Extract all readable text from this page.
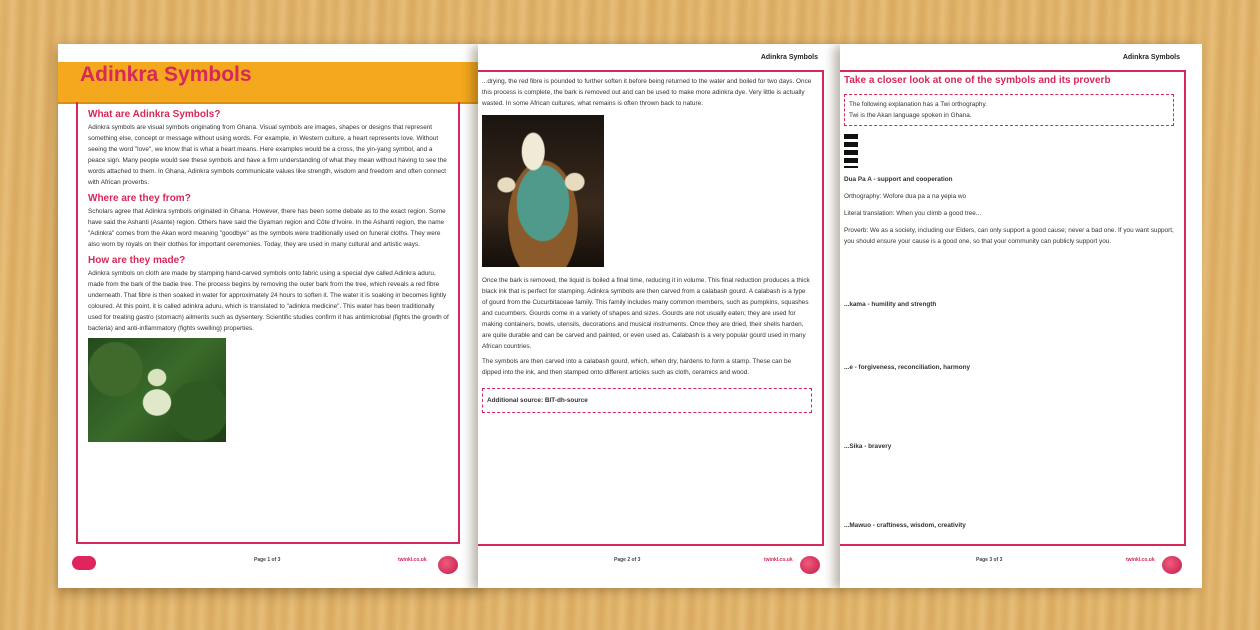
Adinkra Symbols
What are Adinkra Symbols?

Adinkra symbols are visual symbols originating from Ghana. Visual symbols are images, shapes or designs that represent something else, concept or message without using words. For example, in Western culture, a heart represents love. Without seeing the word "love", we know that is what a heart means. Here examples would be a cross, the yin-yang symbol, and a peace sign. Many people would see these symbols and have a firm understanding of what they mean without having to see the words attached to them. In Ghana, Adinkra symbols communicate values like strength, wisdom and freedom and often connect with African proverbs.

Where are they from?

Scholars agree that Adinkra symbols originated in Ghana. However, there has been some debate as to the exact region. Some have said the Ashanti (Asante) region. Others have said the Gyaman region and Côte d'Ivoire. In the Ashanti region, the name "Adinkra" comes from the Akan word meaning "goodbye" as the symbols were traditionally used on funeral cloths. They were also worn by royals on their clothes for important ceremonies. Today, they are used in many cultural and artistic ways.

How are they made?

Adinkra symbols on cloth are made by stamping hand-carved symbols onto fabric using a special dye called Adinkra aduru, made from the bark of the badie tree. The process begins by removing the outer bark from the tree, which reveals a red fibre underneath. That fibre is then soaked in water for approximately 24 hours to soften it. The water it is soaking in becomes lightly coloured. At this point, it is called adinkra aduru, which is translated to "adinkra medicine". This water has been traditionally used for treating gastro (stomach) ailments such as dysentery. Scientific studies confirm it has antimicrobial (fights the growth of bacteria) and anti-inflammatory (fights swelling) properties.

Page 1 of 3	twinkl.co.uk
Adinkra Symbols

...drying, the red fibre is pounded to further soften it before being returned to the water and boiled for two days. Once this process is complete, the bark is removed out and can be used to make more adinkra dye. Very little is actually wasted. In some African cultures, what remains is often thrown back to nature.

Once the bark is removed, the liquid is boiled a final time, reducing it in volume. This final reduction produces a thick black ink that is perfect for stamping. Adinkra symbols are then carved from a calabash gourd. A calabash is a type of gourd from the Cucurbitaceae family. This family includes many common members, such as pumpkins, squashes and cucumbers. Gourds come in a variety of shapes and sizes. Gourds are not usually eaten; they are used for making containers, bowls, utensils, decorations and musical instruments. Once they are dried, their shells harden, are quite durable and can be carved and painted, or even used as. Calabash is a very popular gourd used in many African countries.

The symbols are then carved into a calabash gourd, which, when dry, hardens to form a stamp. These can be dipped into the ink, and then stamped onto different articles such as cloth, ceramics and wood.

Additional source: BIT-dh-source
Page 2 of 3	twinkl.co.uk
Adinkra Symbols
Take a closer look at one of the symbols and its proverb
The following explanation has a Twi orthography.
Twi is the Akan language spoken in Ghana.
Dua Pa A - support and cooperation
Orthography: Wofore dua pa a na yepia wo
Literal translation: When you climb a good tree...
Proverb: We as a society, including our Elders, can only support a good cause; never a bad one. If you want support, you should ensure your cause is a good one, so that your community can publicly support you.
...kama - humility and strength
...e - forgiveness, reconciliation, harmony
...Sika - bravery
...Mawuo - craftiness, wisdom, creativity
Page 3 of 3	twinkl.co.uk
